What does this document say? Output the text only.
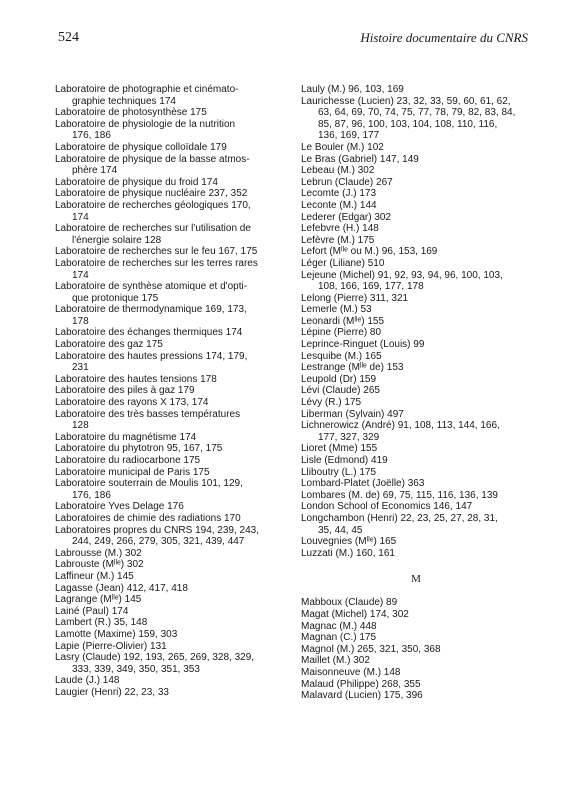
524	Histoire documentaire du CNRS
Laboratoire de photographie et cinémato-
graphie techniques 174
Laboratoire de photosynthèse 175
Laboratoire de physiologie de la nutrition
176, 186
Laboratoire de physique colloïdale 179
Laboratoire de physique de la basse atmos-
phère 174
Laboratoire de physique du froid 174
Laboratoire de physique nucléaire 237, 352
Laboratoire de recherches géologiques 170,
174
Laboratoire de recherches sur l'utilisation de
l'énergie solaire 128
Laboratoire de recherches sur le feu 167, 175
Laboratoire de recherches sur les terres rares
174
Laboratoire de synthèse atomique et d'opti-
que protonique 175
Laboratoire de thermodynamique 169, 173,
178
Laboratoire des échanges thermiques 174
Laboratoire des gaz 175
Laboratoire des hautes pressions 174, 179,
231
Laboratoire des hautes tensions 178
Laboratoire des piles à gaz 179
Laboratoire des rayons X 173, 174
Laboratoire des très basses températures
128
Laboratoire du magnétisme 174
Laboratoire du phytotron 95, 167, 175
Laboratoire du radiocarbone 175
Laboratoire municipal de Paris 175
Laboratoire souterrain de Moulis 101, 129,
176, 186
Laboratoire Yves Delage 176
Laboratoires de chimie des radiations 170
Laboratoires propres du CNRS 194, 239, 243,
244, 249, 266, 279, 305, 321, 439, 447
Labrousse (M.) 302
Labrouste (Mˡˡᵉ) 302
Laffineur (M.) 145
Lagasse (Jean) 412, 417, 418
Lagrange (Mˡˡᵉ) 145
Lainé (Paul) 174
Lambert (R.) 35, 148
Lamotte (Maxime) 159, 303
Lapie (Pierre-Olivier) 131
Lasry (Claude) 192, 193, 265, 269, 328, 329,
333, 339, 349, 350, 351, 353
Laude (J.) 148
Laugier (Henri) 22, 23, 33
Lauly (M.) 96, 103, 169
Laurichesse (Lucien) 23, 32, 33, 59, 60, 61, 62,
63, 64, 69, 70, 74, 75, 77, 78, 79, 82, 83, 84,
85, 87, 96, 100, 103, 104, 108, 110, 116,
136, 169, 177
Le Bouler (M.) 102
Le Bras (Gabriel) 147, 149
Lebeau (M.) 302
Lebrun (Claude) 267
Lecomte (J.) 173
Leconte (M.) 144
Lederer (Edgar) 302
Lefebvre (H.) 148
Lefèvre (M.) 175
Lefort (Mˡˡᵉ ou M.) 96, 153, 169
Léger (Liliane) 510
Lejeune (Michel) 91, 92, 93, 94, 96, 100, 103,
108, 166, 169, 177, 178
Lelong (Pierre) 311, 321
Lemerle (M.) 53
Leonardi (Mˡˡᵉ) 155
Lépine (Pierre) 80
Leprince-Ringuet (Louis) 99
Lesquibe (M.) 165
Lestrange (Mˡˡᵉ de) 153
Leupold (Dr) 159
Lévi (Claude) 265
Lévy (R.) 175
Liberman (Sylvain) 497
Lichnerowicz (André) 91, 108, 113, 144, 166,
177, 327, 329
Lioret (Mme) 155
Lisle (Edmond) 419
Lliboutry (L.) 175
Lombard-Platet (Joëlle) 363
Lombares (M. de) 69, 75, 115, 116, 136, 139
London School of Economics 146, 147
Longchambon (Henri) 22, 23, 25, 27, 28, 31,
35, 44, 45
Louvegnies (Mˡˡᵉ) 165
Luzzati (M.) 160, 161
M
Mabboux (Claude) 89
Magat (Michel) 174, 302
Magnac (M.) 448
Magnan (C.) 175
Magnol (M.) 265, 321, 350, 368
Maillet (M.) 302
Maisonneuve (M.) 148
Malaud (Philippe) 268, 355
Malavard (Lucien) 175, 396
